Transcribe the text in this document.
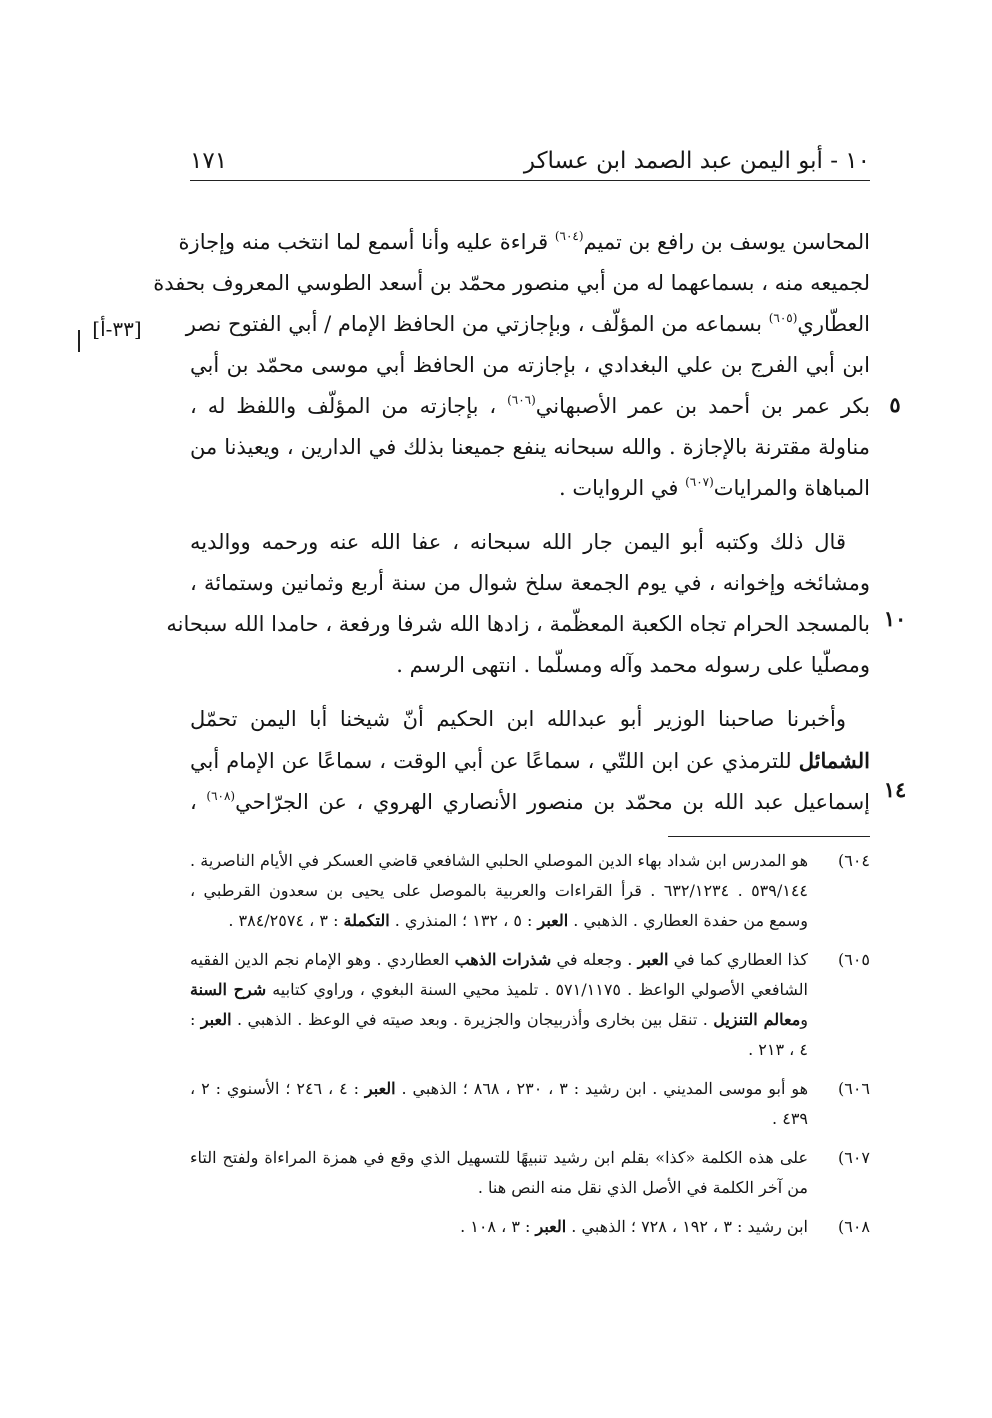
١٠ - أبو اليمن عبد الصمد ابن عساكر
١٧١
[٣٣-أ]
٥
١٠
١٤

المحاسن يوسف بن رافع بن تميم$^{(٦٠٤)}$ قراءة عليه وأنا أسمع لما انتخب منه وإجازة
لجميعه منه ، بسماعهما له من أبي منصور محمّد بن أسعد الطوسي المعروف بحفدة
العطّاري$^{(٦٠٥)}$ بسماعه من المؤلّف ، وبإجازتي من الحافظ الإمام / أبي الفتوح نصر
ابن أبي الفرج بن علي البغدادي ، بإجازته من الحافظ أبي موسى محمّد بن أبي
بكر عمر بن أحمد بن عمر الأصبهاني$^{(٦٠٦)}$ ، بإجازته من المؤلّف واللفظ له ،
مناولة مقترنة بالإجازة . والله سبحانه ينفع جميعنا بذلك في الدارين ، ويعيذنا من
المباهاة والمرايات$^{(٦٠٧)}$ في الروايات .

قال ذلك وكتبه أبو اليمن جار الله سبحانه ، عفا الله عنه ورحمه ووالديه
ومشائخه وإخوانه ، في يوم الجمعة سلخ شوال من سنة أربع وثمانين وستمائة ،
بالمسجد الحرام تجاه الكعبة المعظّمة ، زادها الله شرفا ورفعة ، حامدا الله سبحانه
ومصلّيا على رسوله محمد وآله ومسلّما . انتهى الرسم .

وأخبرنا صاحبنا الوزير أبو عبدالله ابن الحكيم أنّ شيخنا أبا اليمن تحمّل
الشمائل للترمذي عن ابن اللتّي ، سماعًا عن أبي الوقت ، سماعًا عن الإمام أبي
إسماعيل عبد الله بن محمّد بن منصور الأنصاري الهروي ، عن الجرّاحي$^{(٦٠٨)}$ ،

٦٠٤)
هو المدرس ابن شداد بهاء الدين الموصلي الحلبي الشافعي قاضي العسكر في الأيام الناصرية . ٥٣٩/١٤٤ . ٦٣٢/١٢٣٤ . قرأ القراءات والعربية بالموصل على يحيى بن سعدون القرطبي ، وسمع من حفدة العطاري . الذهبي . العبر : ٥ ، ١٣٢ ؛ المنذري . التكملة : ٣ ، ٣٨٤/٢٥٧٤ .

٦٠٥)
كذا العطاري كما في العبر . وجعله في شذرات الذهب العطاردي . وهو الإمام نجم الدين الفقيه الشافعي الأصولي الواعظ . ٥٧١/١١٧٥ . تلميذ محيي السنة البغوي ، وراوي كتابيه شرح السنة ومعالم التنزيل . تنقل بين بخارى وأذربيجان والجزيرة . وبعد صيته في الوعظ . الذهبي . العبر : ٤ ، ٢١٣ .

٦٠٦)
هو أبو موسى المديني . ابن رشيد : ٣ ، ٢٣٠ ، ٨٦٨ ؛ الذهبي . العبر : ٤ ، ٢٤٦ ؛ الأسنوي : ٢ ، ٤٣٩ .

٦٠٧)
على هذه الكلمة «كذا» بقلم ابن رشيد تنبيهًا للتسهيل الذي وقع في همزة المراءاة ولفتح التاء من آخر الكلمة في الأصل الذي نقل منه النص هنا .

٦٠٨)
ابن رشيد : ٣ ، ١٩٢ ، ٧٢٨ ؛ الذهبي . العبر : ٣ ، ١٠٨ .
